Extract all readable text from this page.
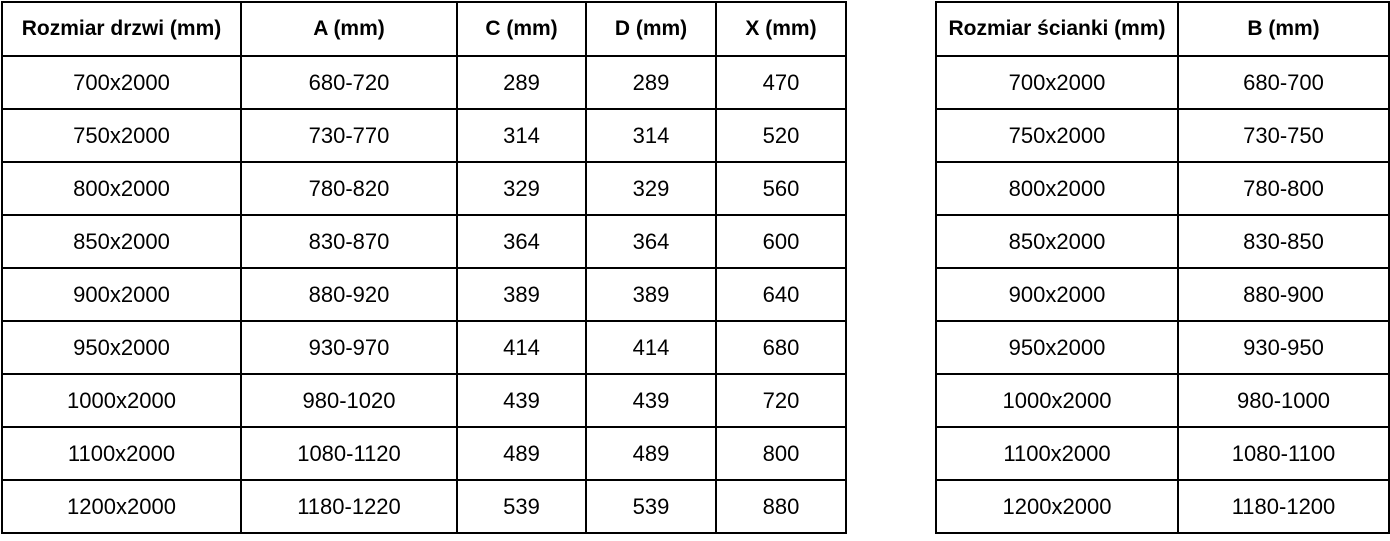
Rozmiar drzwi (mm)	A (mm)	C (mm)	D (mm)	X (mm)
700x2000	680-720	289	289	470
750x2000	730-770	314	314	520
800x2000	780-820	329	329	560
850x2000	830-870	364	364	600
900x2000	880-920	389	389	640
950x2000	930-970	414	414	680
1000x2000	980-1020	439	439	720
1100x2000	1080-1120	489	489	800
1200x2000	1180-1220	539	539	880
Rozmiar ścianki (mm)	B (mm)
700x2000	680-700
750x2000	730-750
800x2000	780-800
850x2000	830-850
900x2000	880-900
950x2000	930-950
1000x2000	980-1000
1100x2000	1080-1100
1200x2000	1180-1200
